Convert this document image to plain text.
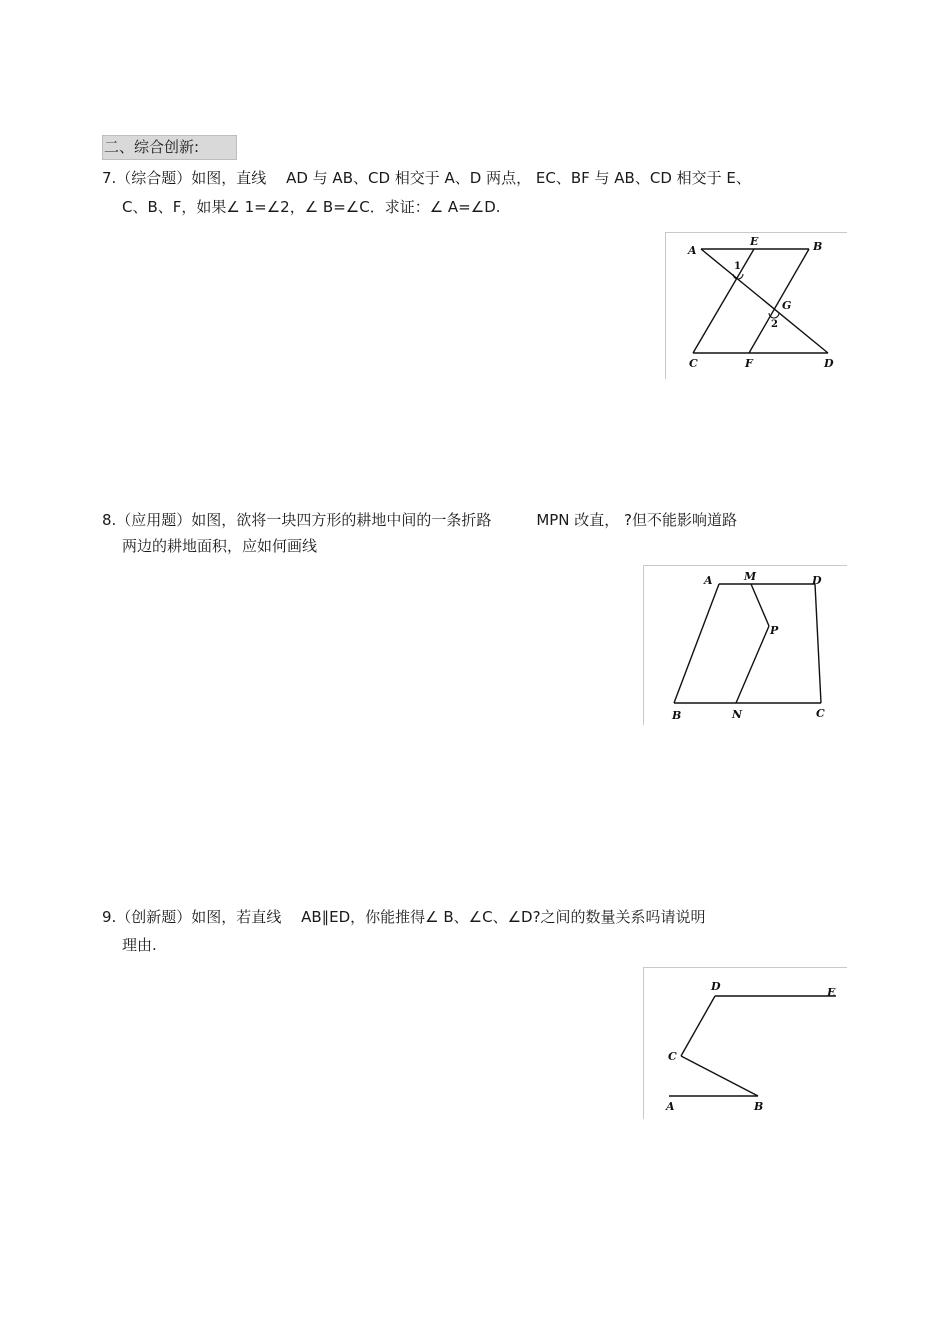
二、综合创新:
7.（综合题）如图，直线　 AD 与 AB、CD 相交于 A、D 两点， EC、BF 与 AB、CD 相交于 E、
C、B、F，如果∠ 1=∠2，∠ B=∠C．求证：∠ A=∠D.
A
E	B
G
C	F	D
1
2
8.（应用题）如图，欲将一块四方形的耕地中间的一条折路　　　MPN 改直， ?但不能影响道路
两边的耕地面积，应如何画线
A	M	D
P
B	N	C
9.（创新题）如图，若直线　 AB∥ED，你能推得∠ B、∠C、∠D?之间的数量关系吗请说明
理由.
D	E
C
A	B
